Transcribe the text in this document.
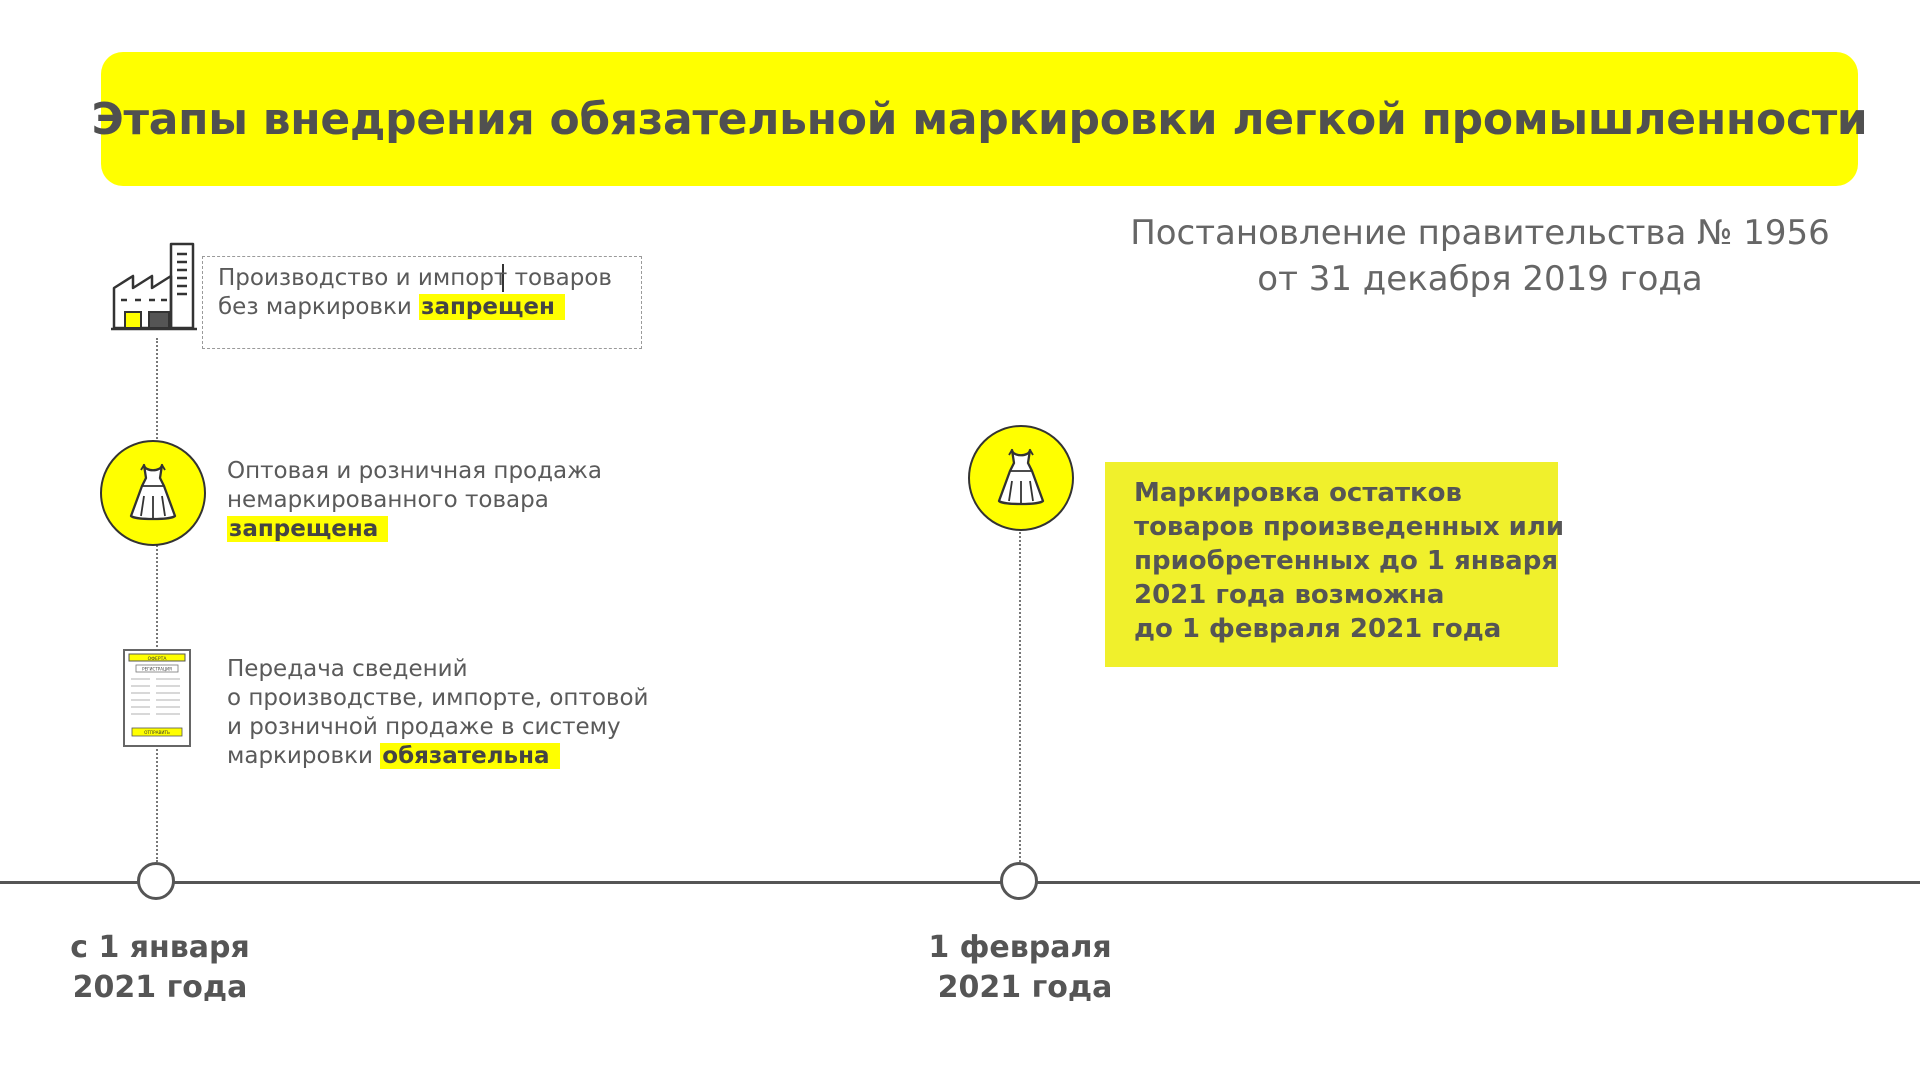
Этапы внедрения обязательной маркировки легкой промышленности
Постановление правительства № 1956
от 31 декабря 2019 года
с 1 января
2021 года
1 февраля
2021 года
Производство и импорт товаров
без маркировки запрещен
Оптовая и розничная продажа
немаркированного товара
запрещена
ОФЕРТА
РЕГИСТРАЦИЯ
ОТПРАВИТЬ
Передача сведений
о производстве, импорте, оптовой
и розничной продаже в систему
маркировки обязательна
Маркировка остатков
товаров произведенных или
приобретенных до 1 января
2021 года возможна
до 1 февраля 2021 года
